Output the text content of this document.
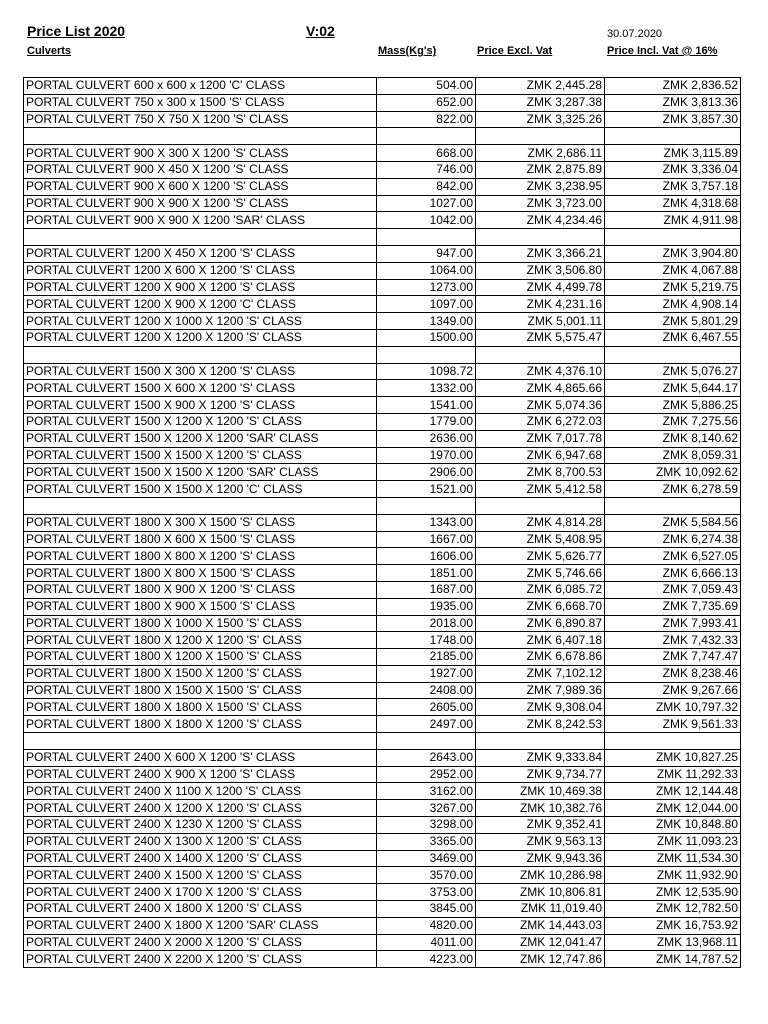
Price List 2020	V:02	30.07.2020
Culverts	Mass(Kg's)	Price Excl. Vat	Price Incl. Vat @ 16%
PORTAL CULVERT 600 x 600 x 1200 'C' CLASS	504.00	ZMK 2,445.28	ZMK 2,836.52
PORTAL CULVERT 750 x 300 x 1500 'S' CLASS	652.00	ZMK 3,287.38	ZMK 3,813.36
PORTAL CULVERT 750 X 750 X 1200 'S' CLASS	822.00	ZMK 3,325.26	ZMK 3,857.30

PORTAL CULVERT 900 X 300 X 1200 'S' CLASS	668.00	ZMK 2,686.11	ZMK 3,115.89
PORTAL CULVERT 900 X 450 X 1200 'S' CLASS	746.00	ZMK 2,875.89	ZMK 3,336.04
PORTAL CULVERT 900 X 600 X 1200 'S' CLASS	842.00	ZMK 3,238.95	ZMK 3,757.18
PORTAL CULVERT 900 X 900 X 1200 'S' CLASS	1027.00	ZMK 3,723.00	ZMK 4,318.68
PORTAL CULVERT 900 X 900 X 1200 'SAR' CLASS	1042.00	ZMK 4,234.46	ZMK 4,911.98

PORTAL CULVERT 1200 X 450 X 1200 'S' CLASS	947.00	ZMK 3,366.21	ZMK 3,904.80
PORTAL CULVERT 1200 X 600 X 1200 'S' CLASS	1064.00	ZMK 3,506.80	ZMK 4,067.88
PORTAL CULVERT 1200 X 900 X 1200 'S' CLASS	1273.00	ZMK 4,499.78	ZMK 5,219.75
PORTAL CULVERT 1200 X 900 X 1200 'C' CLASS	1097.00	ZMK 4,231.16	ZMK 4,908.14
PORTAL CULVERT 1200 X 1000 X 1200 'S' CLASS	1349.00	ZMK 5,001.11	ZMK 5,801.29
PORTAL CULVERT 1200 X 1200 X 1200 'S' CLASS	1500.00	ZMK 5,575.47	ZMK 6,467.55

PORTAL CULVERT 1500 X 300 X 1200 'S' CLASS	1098.72	ZMK 4,376.10	ZMK 5,076.27
PORTAL CULVERT 1500 X 600 X 1200 'S' CLASS	1332.00	ZMK 4,865.66	ZMK 5,644.17
PORTAL CULVERT 1500 X 900 X 1200 'S' CLASS	1541.00	ZMK 5,074.36	ZMK 5,886.25
PORTAL CULVERT 1500 X 1200 X 1200 'S' CLASS	1779.00	ZMK 6,272.03	ZMK 7,275.56
PORTAL CULVERT 1500 X 1200 X 1200 'SAR' CLASS	2636.00	ZMK 7,017.78	ZMK 8,140.62
PORTAL CULVERT 1500 X 1500 X 1200 'S' CLASS	1970.00	ZMK 6,947.68	ZMK 8,059.31
PORTAL CULVERT 1500 X 1500 X 1200 'SAR' CLASS	2906.00	ZMK 8,700.53	ZMK 10,092.62
PORTAL CULVERT 1500 X 1500 X 1200 'C' CLASS	1521.00	ZMK 5,412.58	ZMK 6,278.59

PORTAL CULVERT 1800 X 300 X 1500 'S' CLASS	1343.00	ZMK 4,814.28	ZMK 5,584.56
PORTAL CULVERT 1800 X 600 X 1500 'S' CLASS	1667.00	ZMK 5,408.95	ZMK 6,274.38
PORTAL CULVERT 1800 X 800 X 1200 'S' CLASS	1606.00	ZMK 5,626.77	ZMK 6,527.05
PORTAL CULVERT 1800 X 800 X 1500 'S' CLASS	1851.00	ZMK 5,746.66	ZMK 6,666.13
PORTAL CULVERT 1800 X 900 X 1200 'S' CLASS	1687.00	ZMK 6,085.72	ZMK 7,059.43
PORTAL CULVERT 1800 X 900 X 1500 'S' CLASS	1935.00	ZMK 6,668.70	ZMK 7,735.69
PORTAL CULVERT 1800 X 1000 X 1500 'S' CLASS	2018.00	ZMK 6,890.87	ZMK 7,993.41
PORTAL CULVERT 1800 X 1200 X 1200 'S' CLASS	1748.00	ZMK 6,407.18	ZMK 7,432.33
PORTAL CULVERT 1800 X 1200 X 1500 'S' CLASS	2185.00	ZMK 6,678.86	ZMK 7,747.47
PORTAL CULVERT 1800 X 1500 X 1200 'S' CLASS	1927.00	ZMK 7,102.12	ZMK 8,238.46
PORTAL CULVERT 1800 X 1500 X 1500 'S' CLASS	2408.00	ZMK 7,989.36	ZMK 9,267.66
PORTAL CULVERT 1800 X 1800 X 1500 'S' CLASS	2605.00	ZMK 9,308.04	ZMK 10,797.32
PORTAL CULVERT 1800 X 1800 X 1200 'S' CLASS	2497.00	ZMK 8,242.53	ZMK 9,561.33

PORTAL CULVERT 2400 X 600 X 1200 'S' CLASS	2643.00	ZMK 9,333.84	ZMK 10,827.25
PORTAL CULVERT 2400 X 900 X 1200 'S' CLASS	2952.00	ZMK 9,734.77	ZMK 11,292.33
PORTAL CULVERT 2400 X 1100 X 1200 'S' CLASS	3162.00	ZMK 10,469.38	ZMK 12,144.48
PORTAL CULVERT 2400 X 1200 X 1200 'S' CLASS	3267.00	ZMK 10,382.76	ZMK 12,044.00
PORTAL CULVERT 2400 X 1230 X 1200 'S' CLASS	3298.00	ZMK 9,352.41	ZMK 10,848.80
PORTAL CULVERT 2400 X 1300 X 1200 'S' CLASS	3365.00	ZMK 9,563.13	ZMK 11,093.23
PORTAL CULVERT 2400 X 1400 X 1200 'S' CLASS	3469.00	ZMK 9,943.36	ZMK 11,534.30
PORTAL CULVERT 2400 X 1500 X 1200 'S' CLASS	3570.00	ZMK 10,286.98	ZMK 11,932.90
PORTAL CULVERT 2400 X 1700 X 1200 'S' CLASS	3753.00	ZMK 10,806.81	ZMK 12,535.90
PORTAL CULVERT 2400 X 1800 X 1200 'S' CLASS	3845.00	ZMK 11,019.40	ZMK 12,782.50
PORTAL CULVERT 2400 X 1800 X 1200 'SAR' CLASS	4820.00	ZMK 14,443.03	ZMK 16,753.92
PORTAL CULVERT 2400 X 2000 X 1200 'S' CLASS	4011.00	ZMK 12,041.47	ZMK 13,968.11
PORTAL CULVERT 2400 X 2200 X 1200 'S' CLASS	4223.00	ZMK 12,747.86	ZMK 14,787.52
